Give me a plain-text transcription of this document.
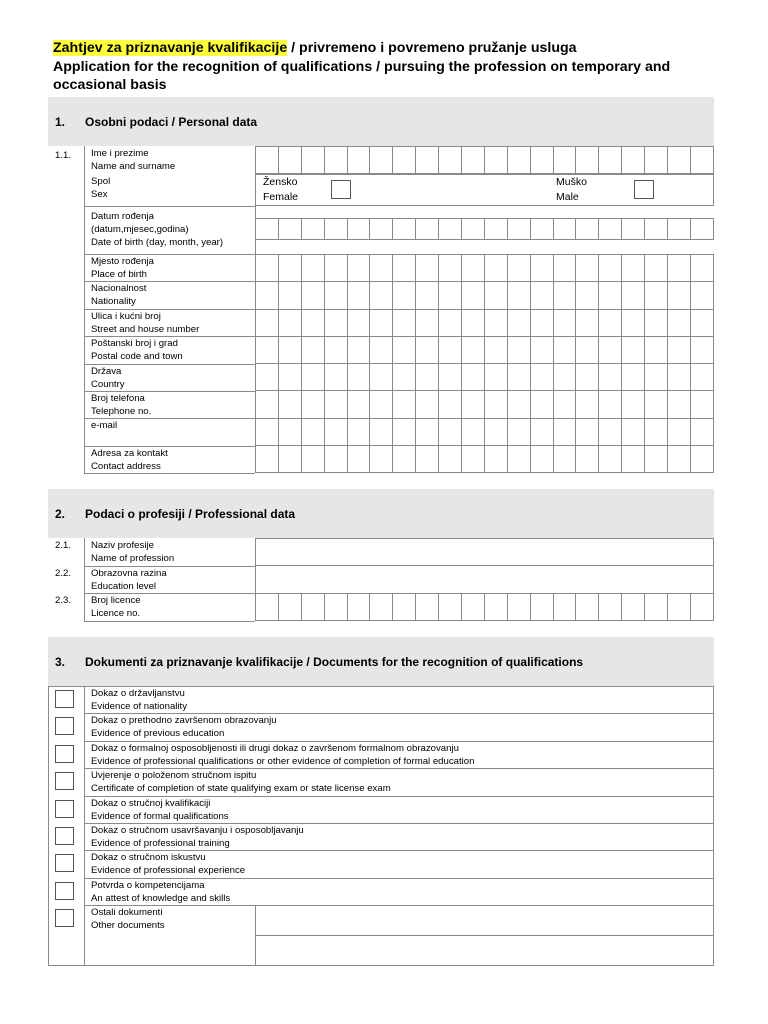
Zahtjev za priznavanje kvalifikacije / privremeno i povremeno pružanje usluga
Application for the recognition of qualifications / pursuing the profession on temporary and occasional basis
1.	Osobni podaci / Personal data
1.1. Ime i prezime
Name and surname

Spol
Sex
Žensko
Female
Muško
Male
Datum rođenja
(datum,mjesec,godina)
Date of birth (day, month, year)

Mjesto rođenja
Place of birth
Nacionalnost
Nationality
Ulica i kućni broj
Street and house number
Poštanski broj i grad
Postal code and town
Država
Country
Broj telefona
Telephone no.
e-mail
Adresa za kontakt
Contact address
2.	Podaci o profesiji / Professional data

2.1. Naziv profesije
Name of profession
2.2. Obrazovna razina
Education level
2.3. Broj licence
Licence no.
3.	Dokumenti za priznavanje kvalifikacije / Documents for the recognition of qualifications
Dokaz o državljanstvu
Evidence of nationality
Dokaz o prethodno završenom obrazovanju
Evidence of previous education
Dokaz o formalnoj osposobljenosti ili drugi dokaz o završenom formalnom obrazovanju
Evidence of professional qualifications or other evidence of completion of formal education
Uvjerenje o položenom stručnom ispitu
Certificate of completion of state qualifying exam or state license exam
Dokaz o stručnoj kvalifikaciji
Evidence of formal qualifications
Dokaz o stručnom usavršavanju i osposobljavanju
Evidence of professional training
Dokaz o stručnom iskustvu
Evidence of professional experience
Potvrda o kompetencijama
An attest of knowledge and skills
Ostali dokumenti
Other documents
